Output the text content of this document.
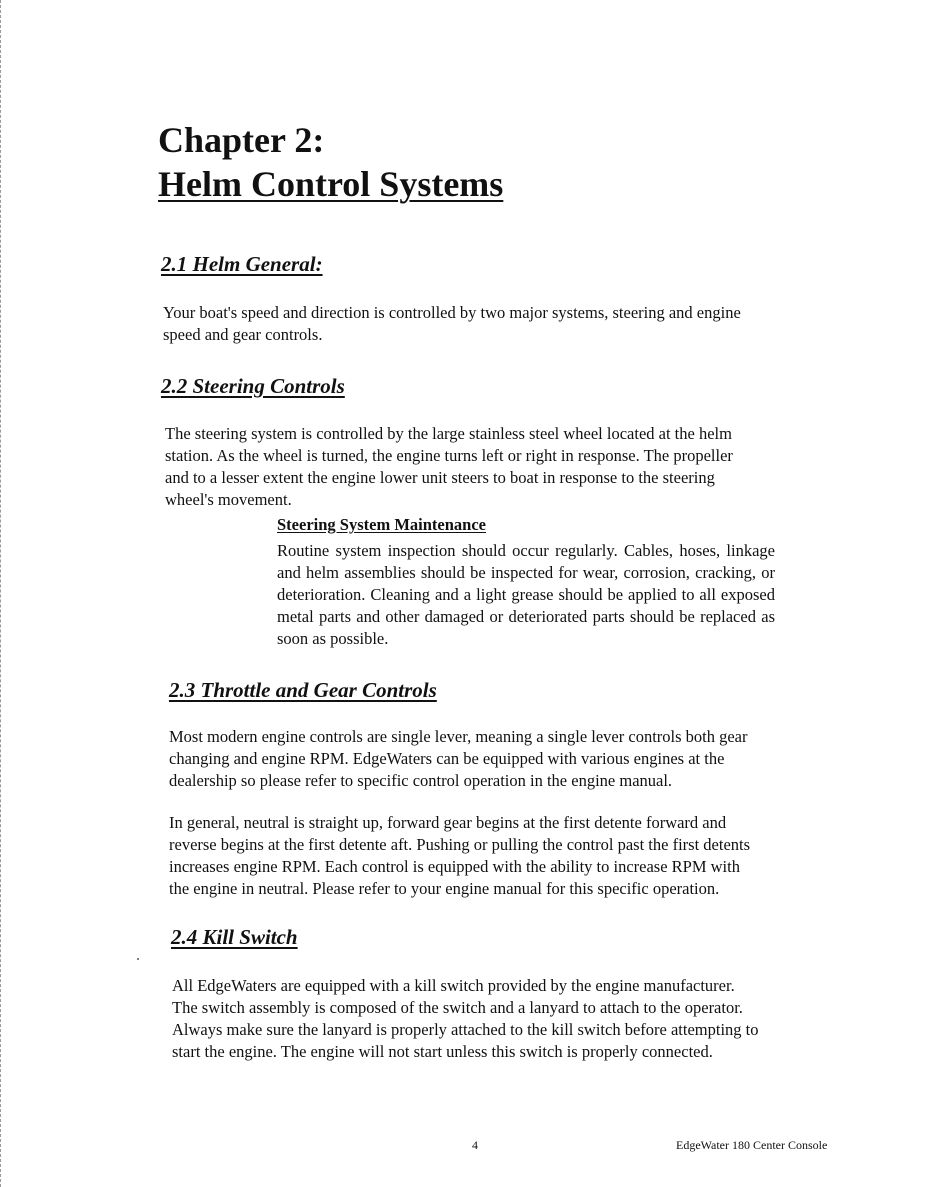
Chapter 2:
Helm Control Systems
2.1 Helm General:
Your boat's speed and direction is controlled by two major systems, steering and engine
speed and gear controls.
2.2 Steering Controls
The steering system is controlled by the large stainless steel wheel located at the helm
station. As the wheel is turned, the engine turns left or right in response. The propeller
and to a lesser extent the engine lower unit steers to boat in response to the steering
wheel's movement.
Steering System Maintenance
Routine system inspection should occur regularly. Cables, hoses, linkage and helm assemblies should be inspected for wear, corrosion, cracking, or deterioration. Cleaning and a light grease should be applied to all exposed metal parts and other damaged or deteriorated parts should be replaced as soon as possible.
2.3 Throttle and Gear Controls
Most modern engine controls are single lever, meaning a single lever controls both gear
changing and engine RPM. EdgeWaters can be equipped with various engines at the
dealership so please refer to specific control operation in the engine manual.
In general, neutral is straight up, forward gear begins at the first detente forward and
reverse begins at the first detente aft. Pushing or pulling the control past the first detents
increases engine RPM. Each control is equipped with the ability to increase RPM with
the engine in neutral. Please refer to your engine manual for this specific operation.
2.4 Kill Switch
All EdgeWaters are equipped with a kill switch provided by the engine manufacturer.
The switch assembly is composed of the switch and a lanyard to attach to the operator.
Always make sure the lanyard is properly attached to the kill switch before attempting to
start the engine. The engine will not start unless this switch is properly connected.
4	EdgeWater 180 Center Console
